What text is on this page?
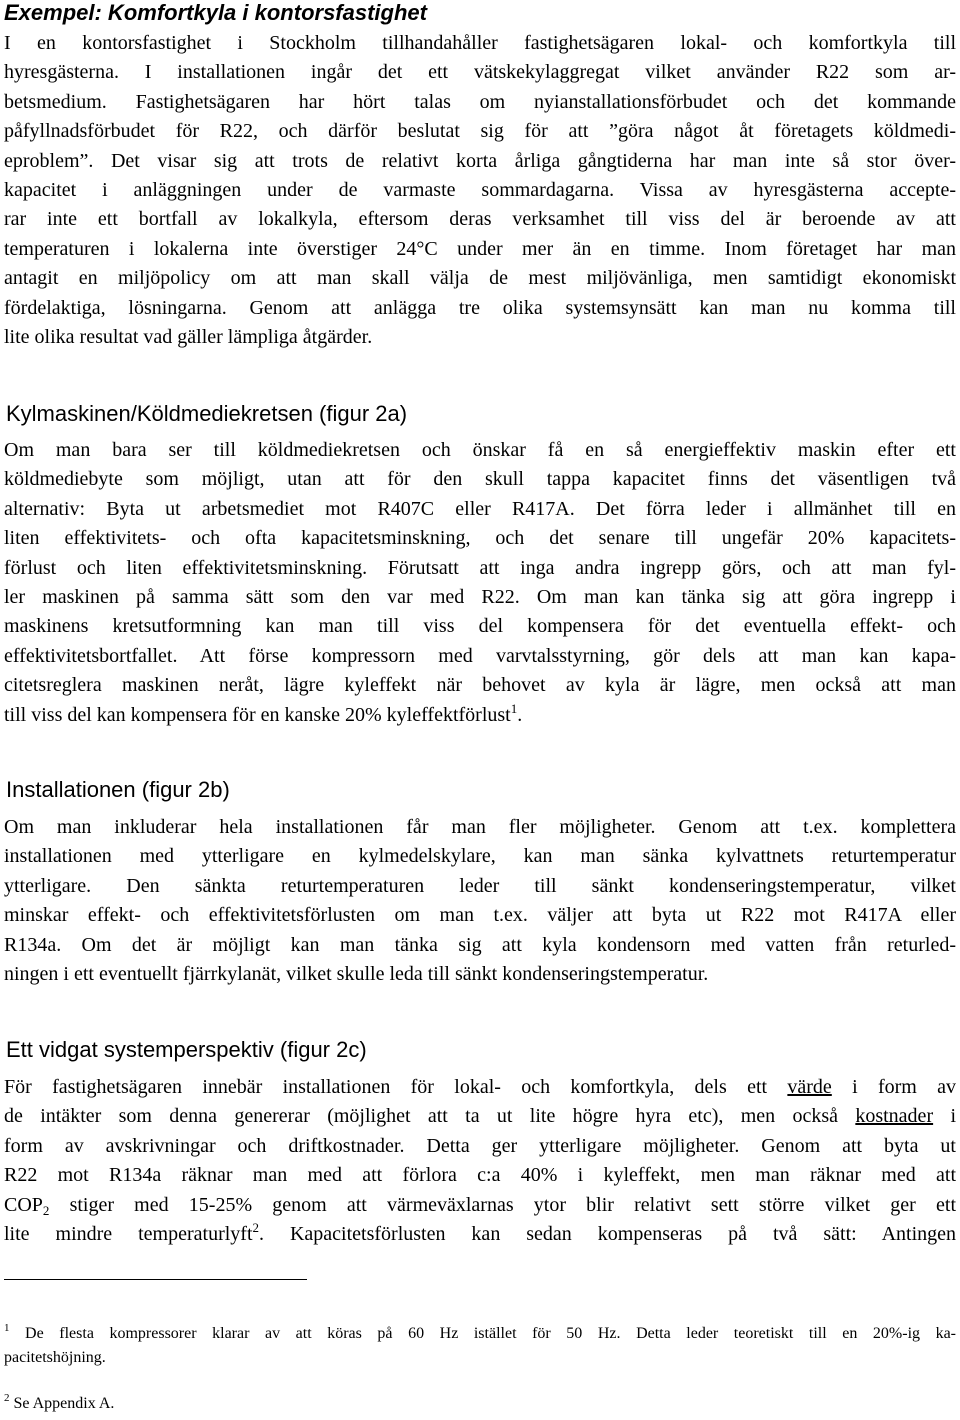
Exempel: Komfortkyla i kontorsfastighet
I en kontorsfastighet i Stockholm tillhandahåller fastighetsägaren lokal- och komfortkyla till
hyresgästerna. I installationen ingår det ett vätskekylaggregat vilket använder R22 som ar-
betsmedium. Fastighetsägaren har hört talas om nyianstallationsförbudet och det kommande
påfyllnadsförbudet för R22, och därför beslutat sig för att ”göra något åt företagets köldmedi-
eproblem”. Det visar sig att trots de relativt korta årliga gångtiderna har man inte så stor över-
kapacitet i anläggningen under de varmaste sommardagarna. Vissa av hyresgästerna accepte-
rar inte ett bortfall av lokalkyla, eftersom deras verksamhet till viss del är beroende av att
temperaturen i lokalerna inte överstiger 24°C under mer än en timme. Inom företaget har man
antagit en miljöpolicy om att man skall välja de mest miljövänliga, men samtidigt ekonomiskt
fördelaktiga, lösningarna. Genom att anlägga tre olika systemsynsätt kan man nu komma till
lite olika resultat vad gäller lämpliga åtgärder.
Kylmaskinen/Köldmediekretsen (figur 2a)
Om man bara ser till köldmediekretsen och önskar få en så energieffektiv maskin efter ett
köldmediebyte som möjligt, utan att för den skull tappa kapacitet finns det väsentligen två
alternativ: Byta ut arbetsmediet mot R407C eller R417A. Det förra leder i allmänhet till en
liten effektivitets- och ofta kapacitetsminskning, och det senare till ungefär 20% kapacitets-
förlust och liten effektivitetsminskning. Förutsatt att inga andra ingrepp görs, och att man fyl-
ler maskinen på samma sätt som den var med R22. Om man kan tänka sig att göra ingrepp i
maskinens kretsutformning kan man till viss del kompensera för det eventuella effekt- och
effektivitetsbortfallet. Att förse kompressorn med varvtalsstyrning, gör dels att man kan kapa-
citetsreglera maskinen neråt, lägre kyleffekt när behovet av kyla är lägre, men också att man
till viss del kan kompensera för en kanske 20% kyleffektförlust$^1$.
Installationen (figur 2b)
Om man inkluderar hela installationen får man fler möjligheter. Genom att t.ex. komplettera
installationen med ytterligare en kylmedelskylare, kan man sänka kylvattnets returtemperatur
ytterligare. Den sänkta returtemperaturen leder till sänkt kondenseringstemperatur, vilket
minskar effekt- och effektivitetsförlusten om man t.ex. väljer att byta ut R22 mot R417A eller
R134a. Om det är möjligt kan man tänka sig att kyla kondensorn med vatten från returled-
ningen i ett eventuellt fjärrkylanät, vilket skulle leda till sänkt kondenseringstemperatur.
Ett vidgat systemperspektiv (figur 2c)
För fastighetsägaren innebär installationen för lokal- och komfortkyla, dels ett värde i form av
de intäkter som denna genererar (möjlighet att ta ut lite högre hyra etc), men också kostnader i
form av avskrivningar och driftkostnader. Detta ger ytterligare möjligheter. Genom att byta ut
R22 mot R134a räknar man med att förlora c:a 40% i kyleffekt, men man räknar med att
$COP_2$ stiger med 15-25% genom att värmeväxlarnas ytor blir relativt sett större vilket ger ett
lite mindre temperaturlyft$^2$. Kapacitetsförlusten kan sedan kompenseras på två sätt: Antingen
$^1$ De flesta kompressorer klarar av att köras på 60 Hz istället för 50 Hz. Detta leder teoretiskt till en 20%-ig ka-
pacitetshöjning.
$^2$ Se Appendix A.
